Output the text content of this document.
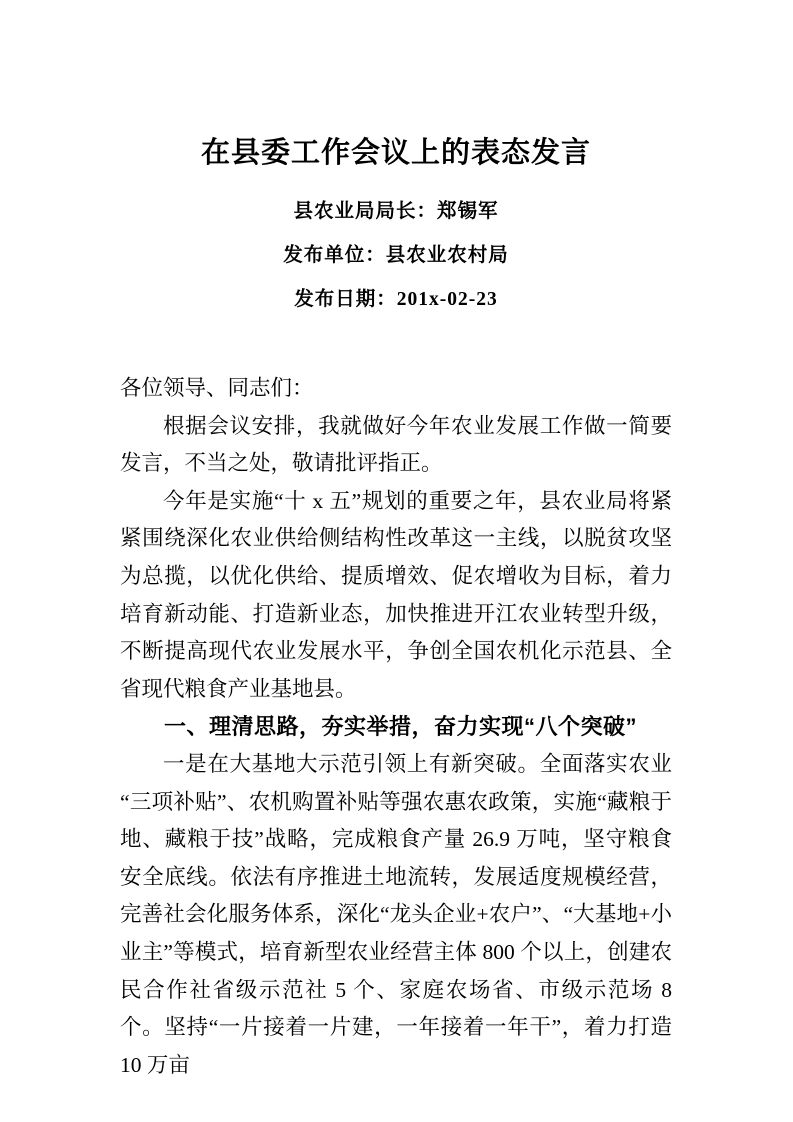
在县委工作会议上的表态发言

县农业局局长：郑锡军

发布单位：县农业农村局

发布日期：201x-02-23

各位领导、同志们：

根据会议安排，我就做好今年农业发展工作做一简要发言，不当之处，敬请批评指正。

今年是实施“十 x 五”规划的重要之年，县农业局将紧紧围绕深化农业供给侧结构性改革这一主线，以脱贫攻坚为总揽，以优化供给、提质增效、促农增收为目标，着力培育新动能、打造新业态，加快推进开江农业转型升级，不断提高现代农业发展水平，争创全国农机化示范县、全省现代粮食产业基地县。

一、理清思路，夯实举措，奋力实现“八个突破”

一是在大基地大示范引领上有新突破。全面落实农业“三项补贴”、农机购置补贴等强农惠农政策，实施“藏粮于地、藏粮于技”战略，完成粮食产量 26.9 万吨，坚守粮食安全底线。依法有序推进土地流转，发展适度规模经营，完善社会化服务体系，深化“龙头企业+农户”、“大基地+小业主”等模式，培育新型农业经营主体 800 个以上，创建农民合作社省级示范社 5 个、家庭农场省、市级示范场 8 个。坚持“一片接着一片建，一年接着一年干”，着力打造 10 万亩
